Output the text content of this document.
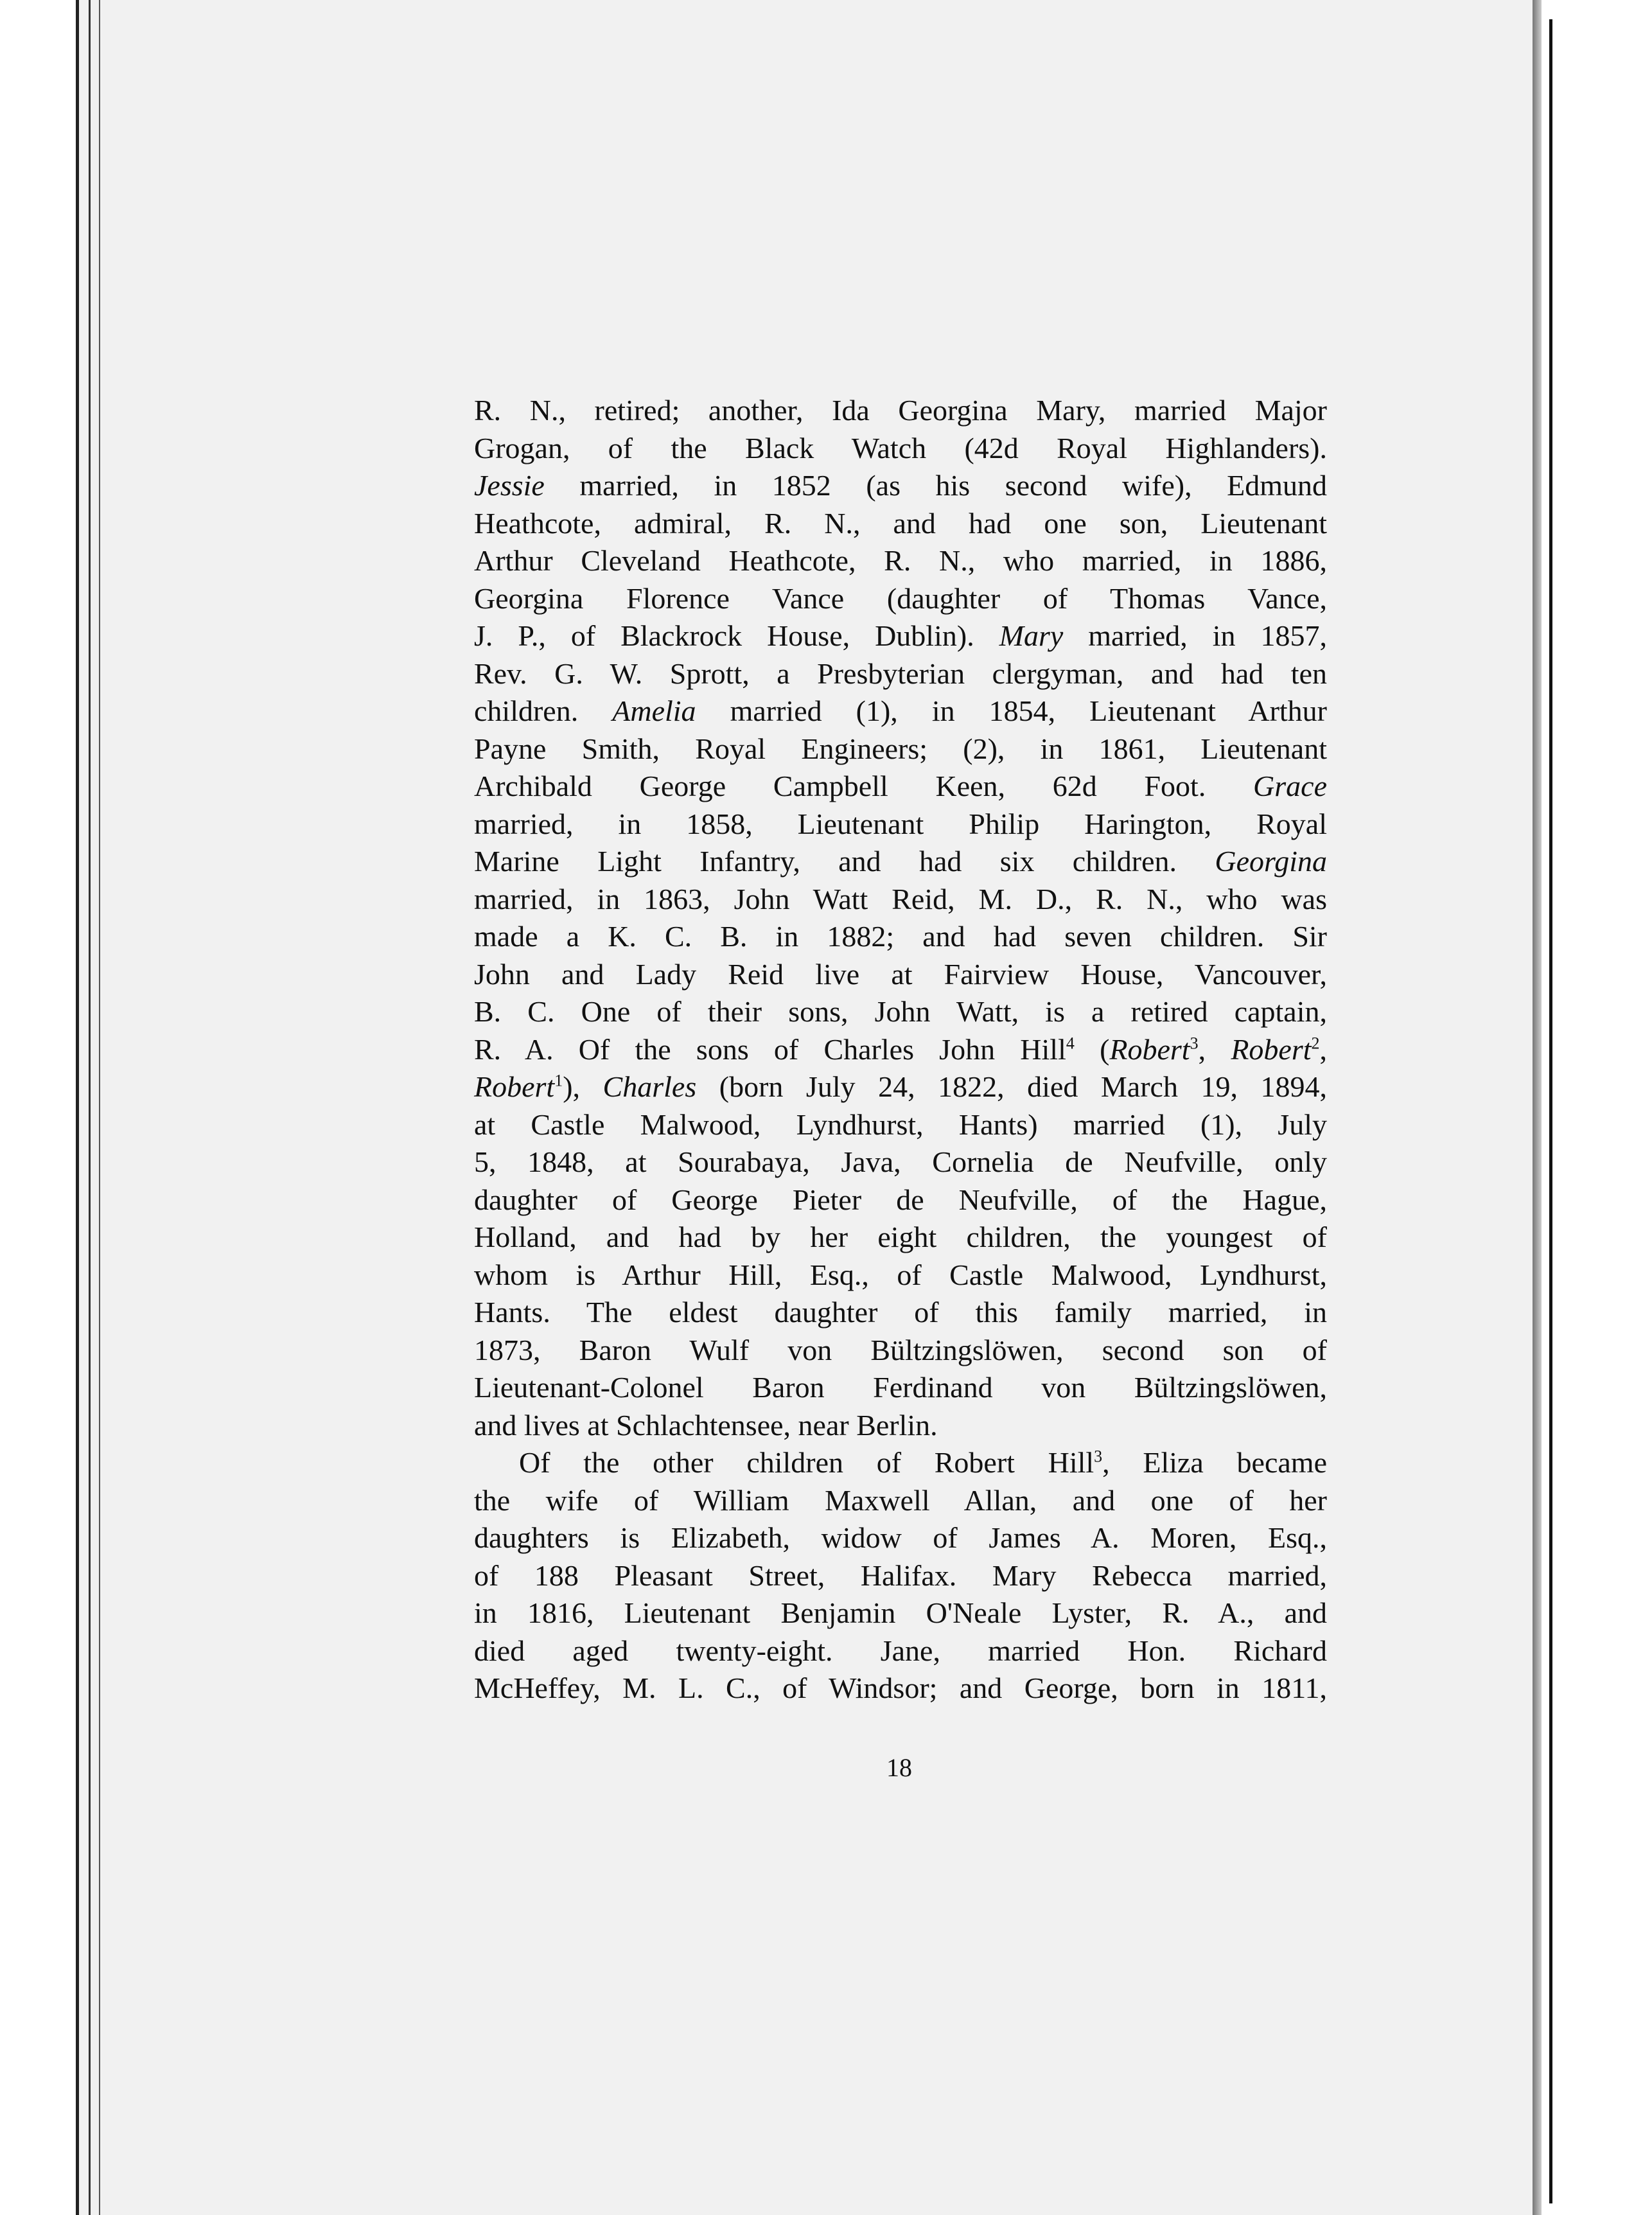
R. N., retired; another, Ida Georgina Mary, married Major
Grogan, of the Black Watch (42d Royal Highlanders).
Jessie married, in 1852 (as his second wife), Edmund
Heathcote, admiral, R. N., and had one son, Lieutenant
Arthur Cleveland Heathcote, R. N., who married, in 1886,
Georgina Florence Vance (daughter of Thomas Vance,
J. P., of Blackrock House, Dublin). Mary married, in 1857,
Rev. G. W. Sprott, a Presbyterian clergyman, and had ten
children. Amelia married (1), in 1854, Lieutenant Arthur
Payne Smith, Royal Engineers; (2), in 1861, Lieutenant
Archibald George Campbell Keen, 62d Foot. Grace
married, in 1858, Lieutenant Philip Harington, Royal
Marine Light Infantry, and had six children. Georgina
married, in 1863, John Watt Reid, M. D., R. N., who was
made a K. C. B. in 1882; and had seven children. Sir
John and Lady Reid live at Fairview House, Vancouver,
B. C. One of their sons, John Watt, is a retired captain,
R. A. Of the sons of Charles John Hill$^4$ (Robert$^3$, Robert$^2$,
Robert$^1$), Charles (born July 24, 1822, died March 19, 1894,
at Castle Malwood, Lyndhurst, Hants) married (1), July
5, 1848, at Sourabaya, Java, Cornelia de Neufville, only
daughter of George Pieter de Neufville, of the Hague,
Holland, and had by her eight children, the youngest of
whom is Arthur Hill, Esq., of Castle Malwood, Lyndhurst,
Hants. The eldest daughter of this family married, in
1873, Baron Wulf von Bültzingslöwen, second son of
Lieutenant-Colonel Baron Ferdinand von Bültzingslöwen,
and lives at Schlachtensee, near Berlin.
Of the other children of Robert Hill$^3$, Eliza became
the wife of William Maxwell Allan, and one of her
daughters is Elizabeth, widow of James A. Moren, Esq.,
of 188 Pleasant Street, Halifax. Mary Rebecca married,
in 1816, Lieutenant Benjamin O'Neale Lyster, R. A., and
died aged twenty-eight. Jane, married Hon. Richard
McHeffey, M. L. C., of Windsor; and George, born in 1811,
18
